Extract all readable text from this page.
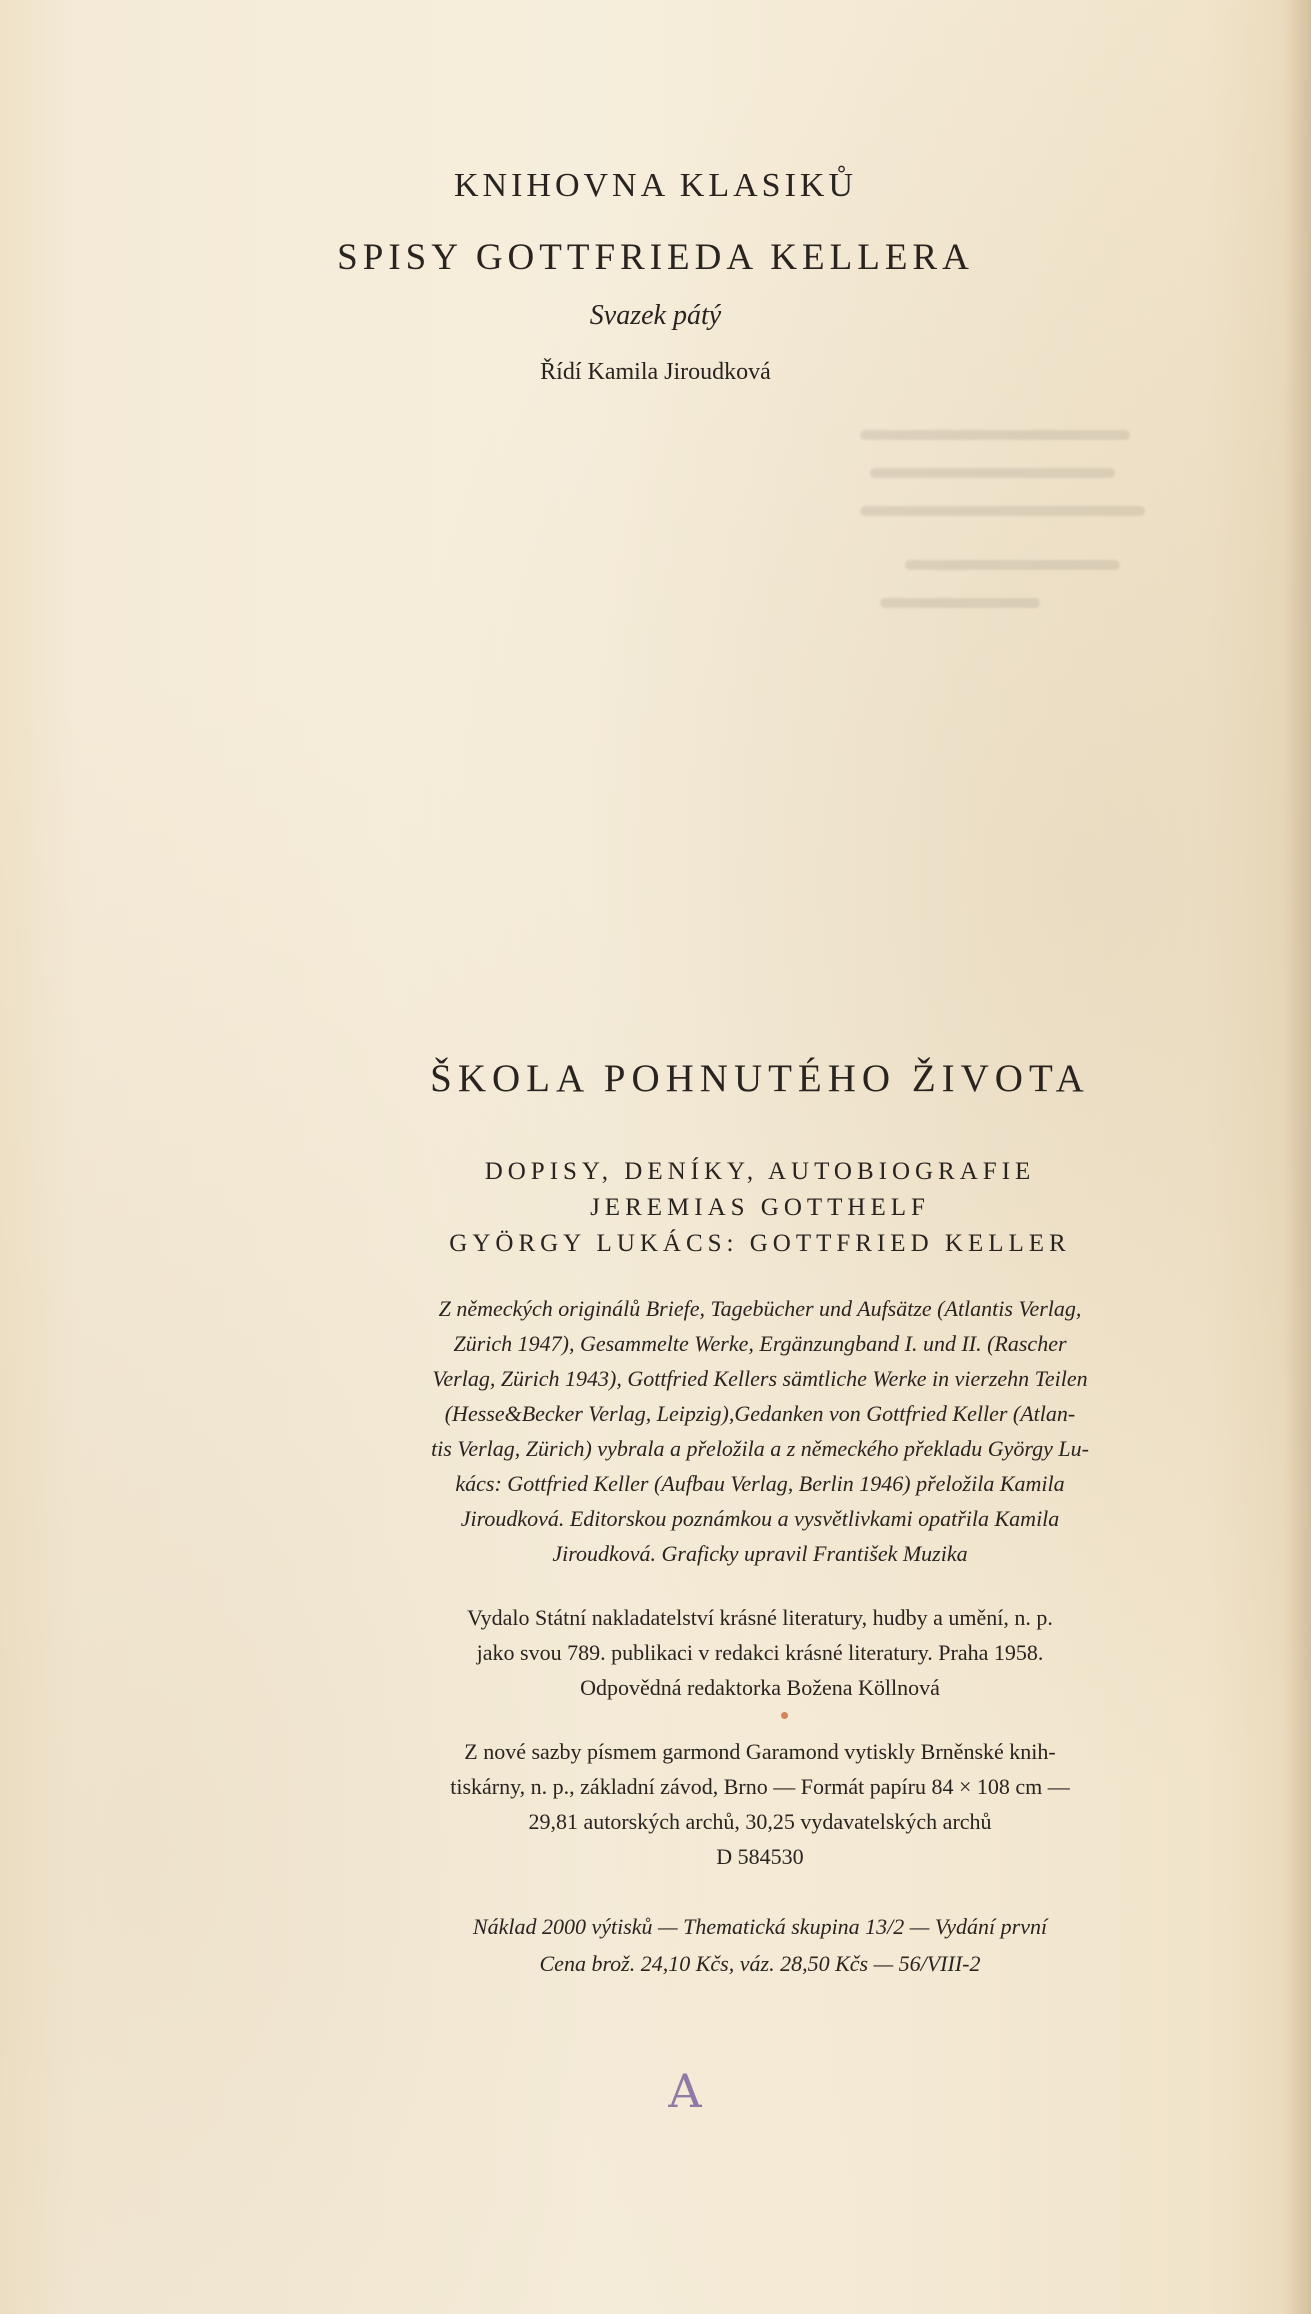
KNIHOVNA KLASIKŮ
SPISY GOTTFRIEDA KELLERA
Svazek pátý
Řídí Kamila Jiroudková
ŠKOLA POHNUTÉHO ŽIVOTA
DOPISY, DENÍKY, AUTOBIOGRAFIE
JEREMIAS GOTTHELF
GYÖRGY LUKÁCS: GOTTFRIED KELLER
Z německých originálů Briefe, Tagebücher und Aufsätze (Atlantis Verlag,
Zürich 1947), Gesammelte Werke, Ergänzungband I. und II. (Rascher
Verlag, Zürich 1943), Gottfried Kellers sämtliche Werke in vierzehn Teilen
(Hesse&Becker Verlag, Leipzig),Gedanken von Gottfried Keller (Atlan-
tis Verlag, Zürich) vybrala a přeložila a z německého překladu György Lu-
kács: Gottfried Keller (Aufbau Verlag, Berlin 1946) přeložila Kamila
Jiroudková. Editorskou poznámkou a vysvětlivkami opatřila Kamila
Jiroudková. Graficky upravil František Muzika
Vydalo Státní nakladatelství krásné literatury, hudby a umění, n. p.
jako svou 789. publikaci v redakci krásné literatury. Praha 1958.
Odpovědná redaktorka Božena Köllnová
Z nové sazby písmem garmond Garamond vytiskly Brněnské knih-
tiskárny, n. p., základní závod, Brno — Formát papíru 84 × 108 cm —
29,81 autorských archů, 30,25 vydavatelských archů
D 584530
Náklad 2000 výtisků — Thematická skupina 13/2 — Vydání první
Cena brož. 24,10 Kčs, váz. 28,50 Kčs — 56/VIII-2
A
